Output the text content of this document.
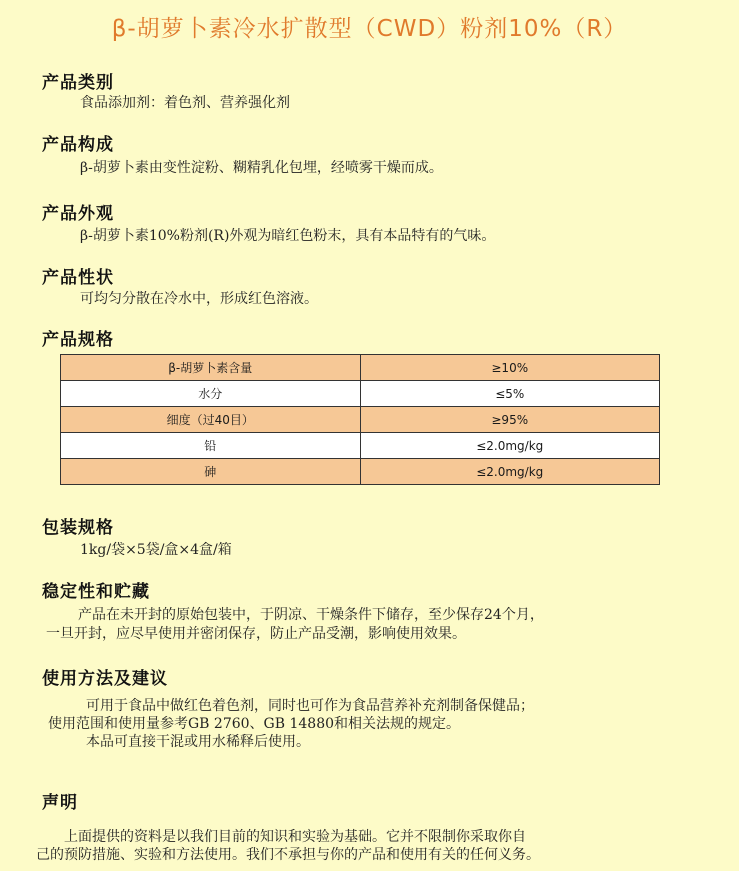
β-胡萝卜素冷水扩散型（CWD）粉剂10%（R）
产品类别
食品添加剂：着色剂、营养强化剂
产品构成
β-胡萝卜素由变性淀粉、糊精乳化包埋，经喷雾干燥而成。
产品外观
β-胡萝卜素10%粉剂(R)外观为暗红色粉末，具有本品特有的气味。
产品性状
可均匀分散在冷水中，形成红色溶液。
产品规格
β-胡萝卜素含量	≥10%
水分	≤5%
细度（过40目）	≥95%
铅	≤2.0mg/kg
砷	≤2.0mg/kg
包装规格
1kg/袋×5袋/盒×4盒/箱
稳定性和贮藏
产品在未开封的原始包装中，于阴凉、干燥条件下储存，至少保存24个月，
一旦开封，应尽早使用并密闭保存，防止产品受潮，影响使用效果。
使用方法及建议
可用于食品中做红色着色剂，同时也可作为食品营养补充剂制备保健品；
使用范围和使用量参考GB 2760、GB 14880和相关法规的规定。
本品可直接干混或用水稀释后使用。
声明
上面提供的资料是以我们目前的知识和实验为基础。它并不限制你采取你自
己的预防措施、实验和方法使用。我们不承担与你的产品和使用有关的任何义务。
